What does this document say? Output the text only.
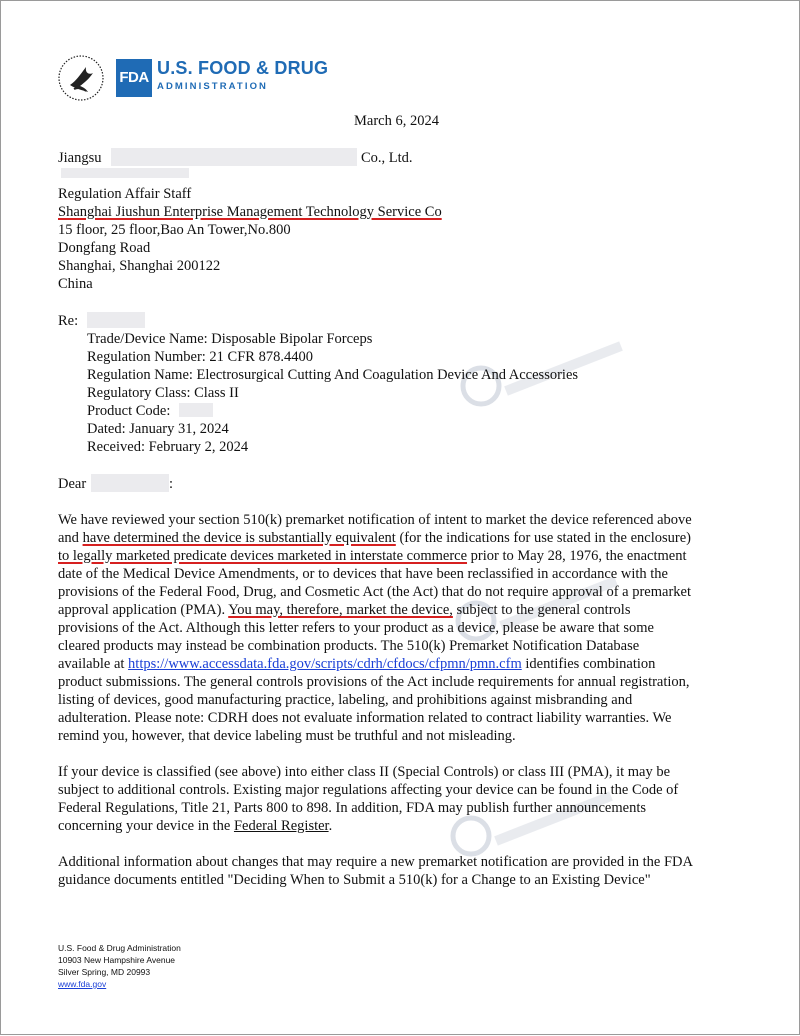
FDA U.S. FOOD & DRUG
ADMINISTRATION
March 6, 2024
Jiangsu	Co., Ltd.
Regulation Affair Staff
Shanghai Jiushun Enterprise Management Technology Service Co
15 floor, 25 floor,Bao An Tower,No.800
Dongfang Road
Shanghai, Shanghai 200122
China
Re:
Trade/Device Name: Disposable Bipolar Forceps
Regulation Number: 21 CFR 878.4400
Regulation Name: Electrosurgical Cutting And Coagulation Device And Accessories
Regulatory Class: Class II
Product Code:
Dated: January 31, 2024
Received: February 2, 2024
Dear	:

We have reviewed your section 510(k) premarket notification of intent to market the device referenced above

and have determined the device is substantially equivalent (for the indications for use stated in the enclosure)

to legally marketed predicate devices marketed in interstate commerce prior to May 28, 1976, the enactment

date of the Medical Device Amendments, or to devices that have been reclassified in accordance with the

provisions of the Federal Food, Drug, and Cosmetic Act (the Act) that do not require approval of a premarket

approval application (PMA). You may, therefore, market the device, subject to the general controls

provisions of the Act. Although this letter refers to your product as a device, please be aware that some

cleared products may instead be combination products. The 510(k) Premarket Notification Database

available at https://www.accessdata.fda.gov/scripts/cdrh/cfdocs/cfpmn/pmn.cfm identifies combination

product submissions. The general controls provisions of the Act include requirements for annual registration,

listing of devices, good manufacturing practice, labeling, and prohibitions against misbranding and

adulteration. Please note: CDRH does not evaluate information related to contract liability warranties. We

remind you, however, that device labeling must be truthful and not misleading.

If your device is classified (see above) into either class II (Special Controls) or class III (PMA), it may be

subject to additional controls. Existing major regulations affecting your device can be found in the Code of

Federal Regulations, Title 21, Parts 800 to 898. In addition, FDA may publish further announcements

concerning your device in the Federal Register.

Additional information about changes that may require a new premarket notification are provided in the FDA

guidance documents entitled "Deciding When to Submit a 510(k) for a Change to an Existing Device"

U.S. Food & Drug Administration
10903 New Hampshire Avenue
Silver Spring, MD 20993
www.fda.gov
